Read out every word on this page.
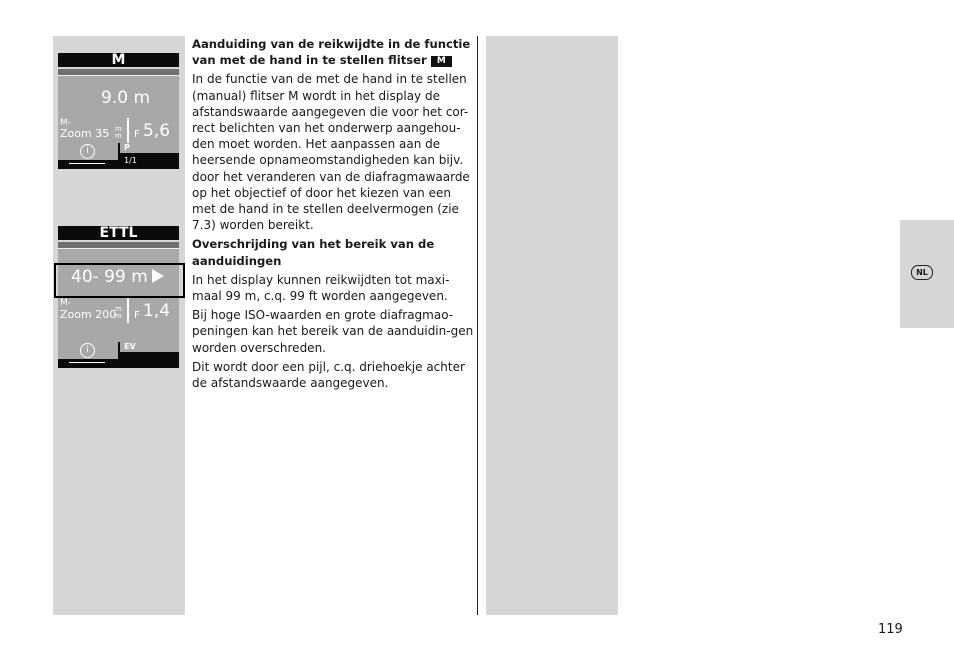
M
9.0 m
M-
Zoom 35 m
m F 5,6
i	P
1/1
ETTL
40- 99 m
M-
Zoom 200
m
m F 1,4
i	EV

Aanduiding van de reikwijdte in de functie van met de hand in te stellen flitser M

In de functie van de met de hand in te stellen (manual) flitser M wordt in het display de afstandswaarde aangegeven die voor het cor-rect belichten van het onderwerp aangehou-den moet worden. Het aanpassen aan de heersende opnameomstandigheden kan bijv. door het veranderen van de diafragmawaarde op het objectief of door het kiezen van een met de hand in te stellen deelvermogen (zie 7.3) worden bereikt.

Overschrijding van het bereik van de aanduidingen

In het display kunnen reikwijdten tot maxi-maal 99 m, c.q. 99 ft worden aangegeven.

Bij hoge ISO-waarden en grote diafragmao-peningen kan het bereik van de aanduidin-gen worden overschreden.

Dit wordt door een pijl, c.q. driehoekje achter de afstandswaarde aangegeven.

NL
119
